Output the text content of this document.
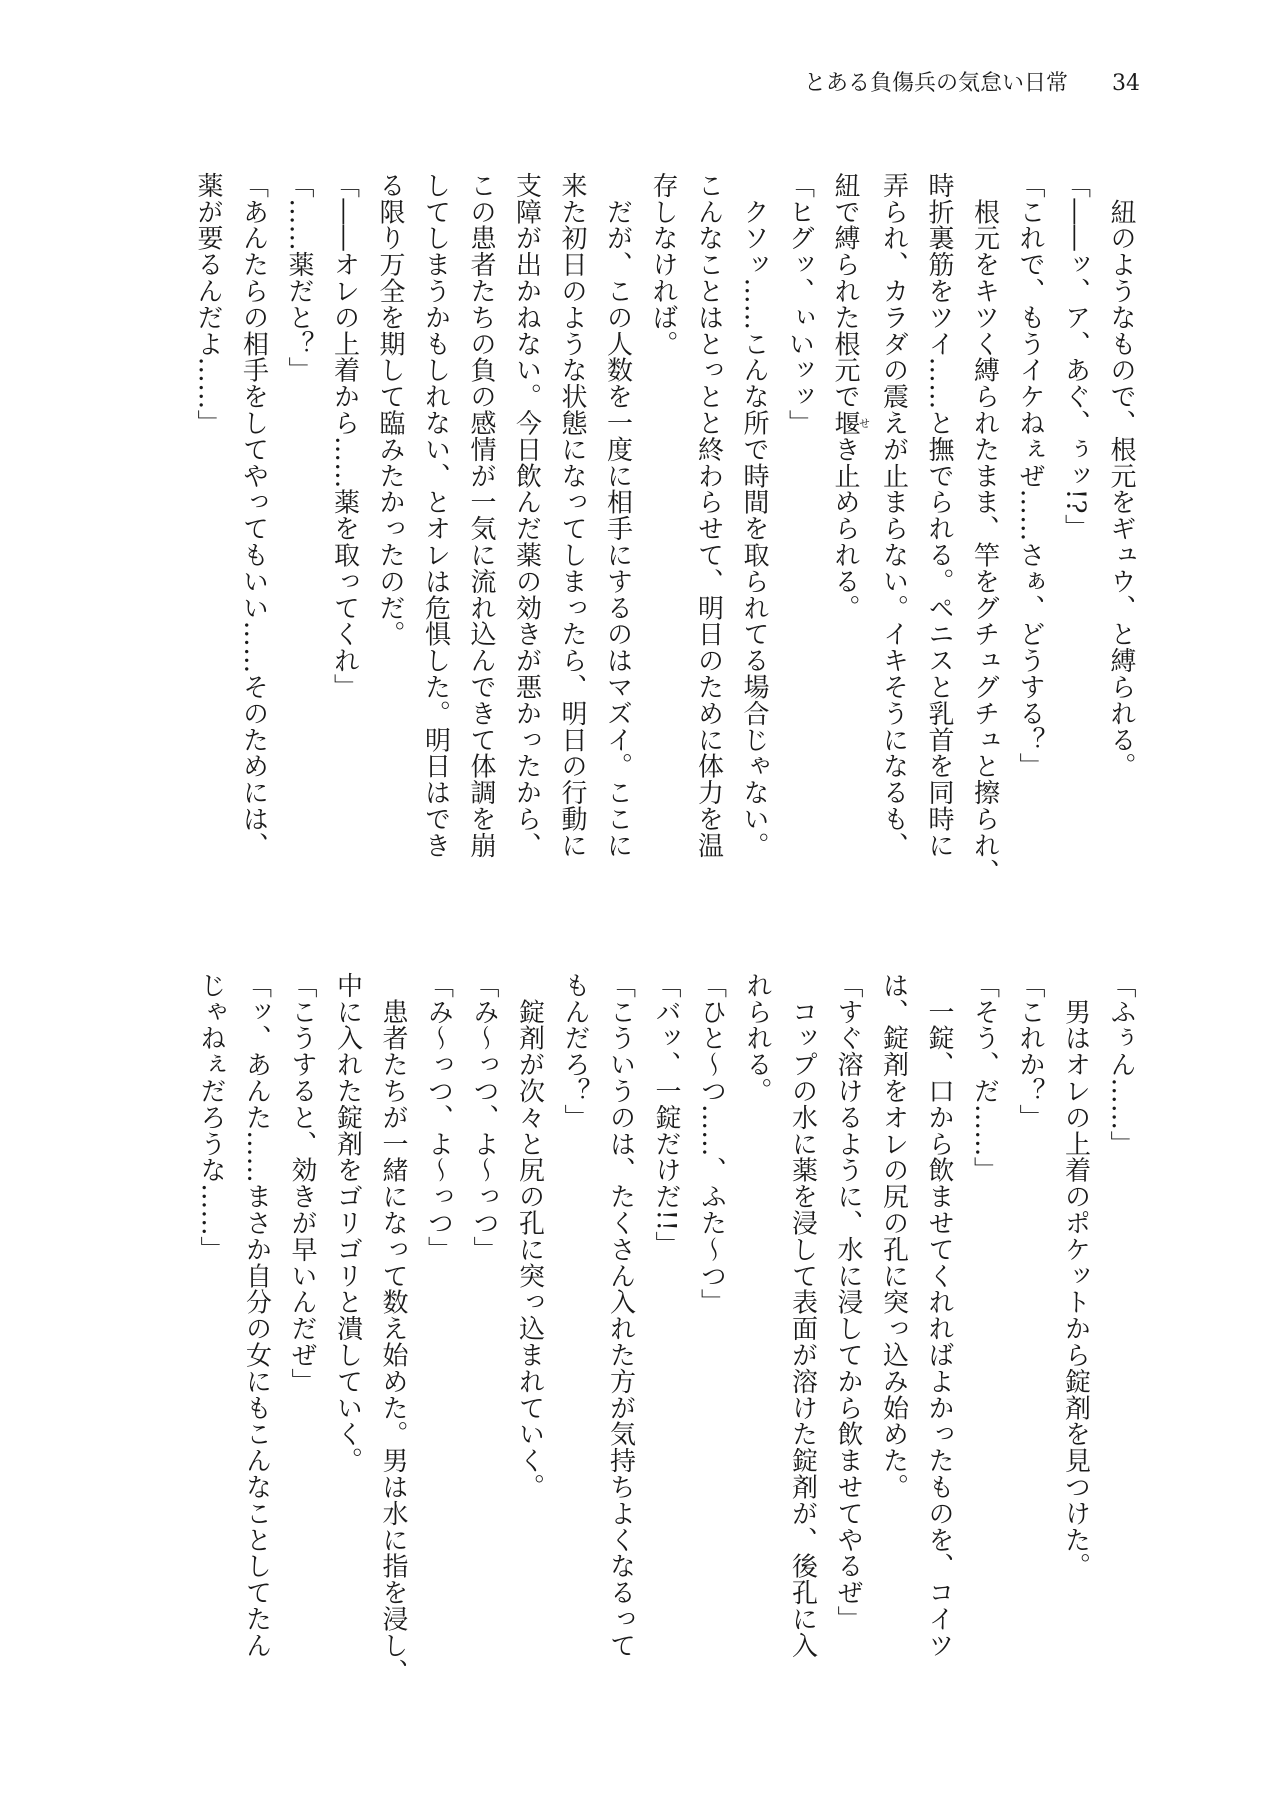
とある負傷兵の気怠い日常 34
　紐のようなもので、根元をギュウ、と縛られる。
「――ッ、ア、あぐ、ぅッ!?」
「これで、もうイケねぇぜ……さぁ、どうする？」
　根元をキツく縛られたまま、竿をグチュグチュと擦られ、
時折裏筋をツイ……と撫でられる。ペニスと乳首を同時に
弄られ、カラダの震えが止まらない。イキそうになるも、
紐で縛られた根元で堰せき止められる。
「ヒグッ、ぃいッッ」
　クソッ……こんな所で時間を取られてる場合じゃない。
こんなことはとっとと終わらせて、明日のために体力を温
存しなければ。
　だが、この人数を一度に相手にするのはマズイ。ここに
来た初日のような状態になってしまったら、明日の行動に
支障が出かねない。今日飲んだ薬の効きが悪かったから、
この患者たちの負の感情が一気に流れ込んできて体調を崩
してしまうかもしれない、とオレは危惧した。明日はでき
る限り万全を期して臨みたかったのだ。
「――オレの上着から……薬を取ってくれ」
「……薬だと？」
「あんたらの相手をしてやってもいい……そのためには、
薬が要るんだよ……」
「ふぅん……」
　男はオレの上着のポケットから錠剤を見つけた。
「これか？」
「そう、だ……」
　一錠、口から飲ませてくれればよかったものを、コイツ
は、錠剤をオレの尻の孔に突っ込み始めた。
「すぐ溶けるように、水に浸してから飲ませてやるぜ」
　コップの水に薬を浸して表面が溶けた錠剤が、後孔に入
れられる。
「ひと～つ……、ふた～つ」
「バッ、一錠だけだ!!」
「こういうのは、たくさん入れた方が気持ちよくなるって
もんだろ？」
　錠剤が次々と尻の孔に突っ込まれていく。
「み～っつ、よ～っつ」
「み～っつ、よ～っつ」
　患者たちが一緒になって数え始めた。男は水に指を浸し、
中に入れた錠剤をゴリゴリと潰していく。
「こうすると、効きが早いんだぜ」
「ッ、あんた……まさか自分の女にもこんなことしてたん
じゃねぇだろうな……」
